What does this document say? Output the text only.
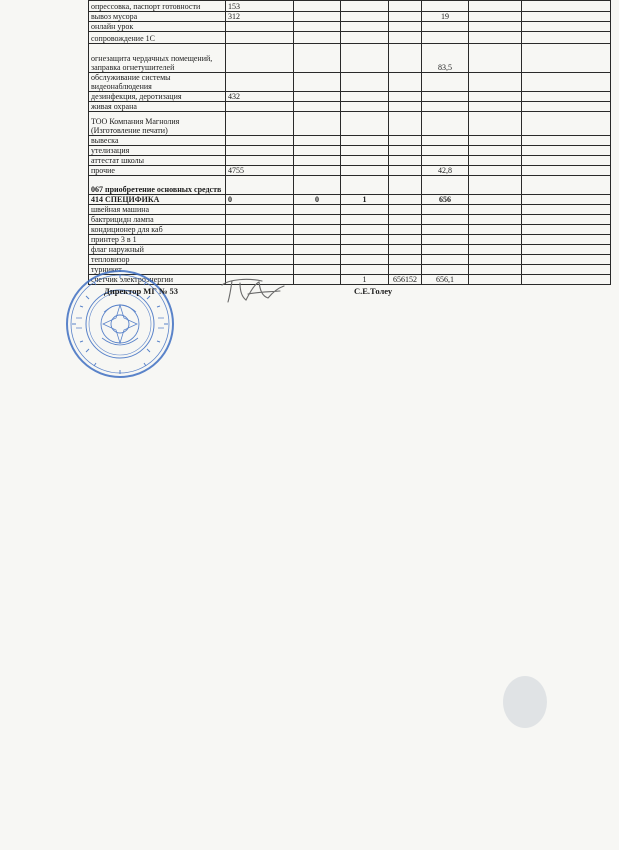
опрессовка, паспорт готовности	153						
вывоз мусора	312				19		
онлайн урок							
сопровождение 1С							
огнезащита чердачных помещений, заправка огнетушителей					83,5		
обслуживание системы видеонаблюдения							
дезинфекция, деротизация	432						
живая охрана							
ТОО Компания Магнолия (Изготовление печати)							
вывеска							
утелизация							
аттестат школы							
прочие	4755				42,8		
067 приобретение основных средств							
414 СПЕЦИФИКА	0	0	1		656		
швейная машина							
бактрицидн лампа							
кондиционер для каб							
принтер 3 в 1							
флаг наружный							
тепловизор							
турникет							
счетчик электроэнергии			1	656152	656,1		
Директор МГ № 53	С.Е.Толеу
